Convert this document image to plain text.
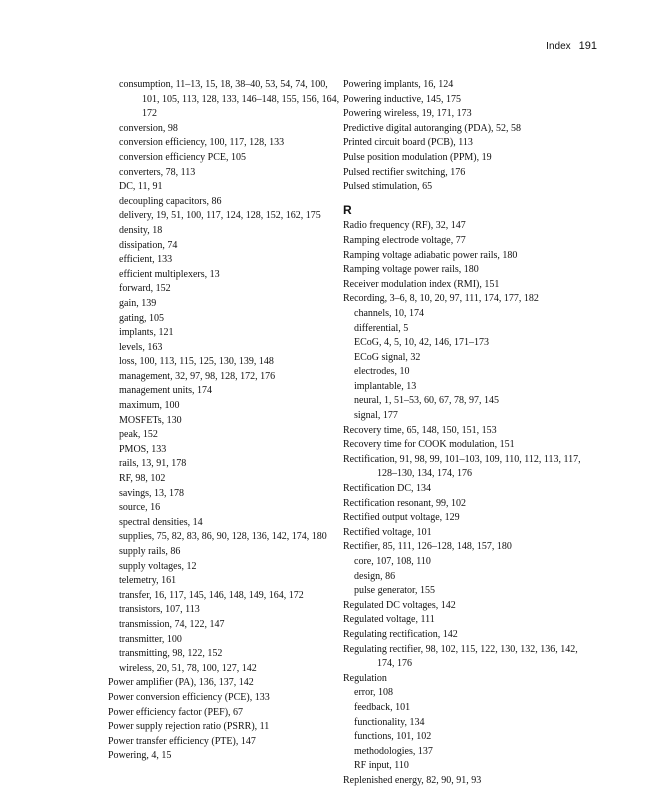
Index 191
consumption, 11–13, 15, 18, 38–40, 53, 54, 74, 100, 101, 105, 113, 128, 133, 146–148, 155, 156, 164, 172
conversion, 98
conversion efficiency, 100, 117, 128, 133
conversion efficiency PCE, 105
converters, 78, 113
DC, 11, 91
decoupling capacitors, 86
delivery, 19, 51, 100, 117, 124, 128, 152, 162, 175
density, 18
dissipation, 74
efficient, 133
efficient multiplexers, 13
forward, 152
gain, 139
gating, 105
implants, 121
levels, 163
loss, 100, 113, 115, 125, 130, 139, 148
management, 32, 97, 98, 128, 172, 176
management units, 174
maximum, 100
MOSFETs, 130
peak, 152
PMOS, 133
rails, 13, 91, 178
RF, 98, 102
savings, 13, 178
source, 16
spectral densities, 14
supplies, 75, 82, 83, 86, 90, 128, 136, 142, 174, 180
supply rails, 86
supply voltages, 12
telemetry, 161
transfer, 16, 117, 145, 146, 148, 149, 164, 172
transistors, 107, 113
transmission, 74, 122, 147
transmitter, 100
transmitting, 98, 122, 152
wireless, 20, 51, 78, 100, 127, 142
Power amplifier (PA), 136, 137, 142
Power conversion efficiency (PCE), 133
Power efficiency factor (PEF), 67
Power supply rejection ratio (PSRR), 11
Power transfer efficiency (PTE), 147
Powering, 4, 15
Powering implants, 16, 124
Powering inductive, 145, 175
Powering wireless, 19, 171, 173
Predictive digital autoranging (PDA), 52, 58
Printed circuit board (PCB), 113
Pulse position modulation (PPM), 19
Pulsed rectifier switching, 176
Pulsed stimulation, 65
R
Radio frequency (RF), 32, 147
Ramping electrode voltage, 77
Ramping voltage adiabatic power rails, 180
Ramping voltage power rails, 180
Receiver modulation index (RMI), 151
Recording, 3–6, 8, 10, 20, 97, 111, 174, 177, 182
channels, 10, 174
differential, 5
ECoG, 4, 5, 10, 42, 146, 171–173
ECoG signal, 32
electrodes, 10
implantable, 13
neural, 1, 51–53, 60, 67, 78, 97, 145
signal, 177
Recovery time, 65, 148, 150, 151, 153
Recovery time for COOK modulation, 151
Rectification, 91, 98, 99, 101–103, 109, 110, 112, 113, 117, 128–130, 134, 174, 176
Rectification DC, 134
Rectification resonant, 99, 102
Rectified output voltage, 129
Rectified voltage, 101
Rectifier, 85, 111, 126–128, 148, 157, 180
core, 107, 108, 110
design, 86
pulse generator, 155
Regulated DC voltages, 142
Regulated voltage, 111
Regulating rectification, 142
Regulating rectifier, 98, 102, 115, 122, 130, 132, 136, 142, 174, 176
Regulation
error, 108
feedback, 101
functionality, 134
functions, 101, 102
methodologies, 137
RF input, 110
Replenished energy, 82, 90, 91, 93
